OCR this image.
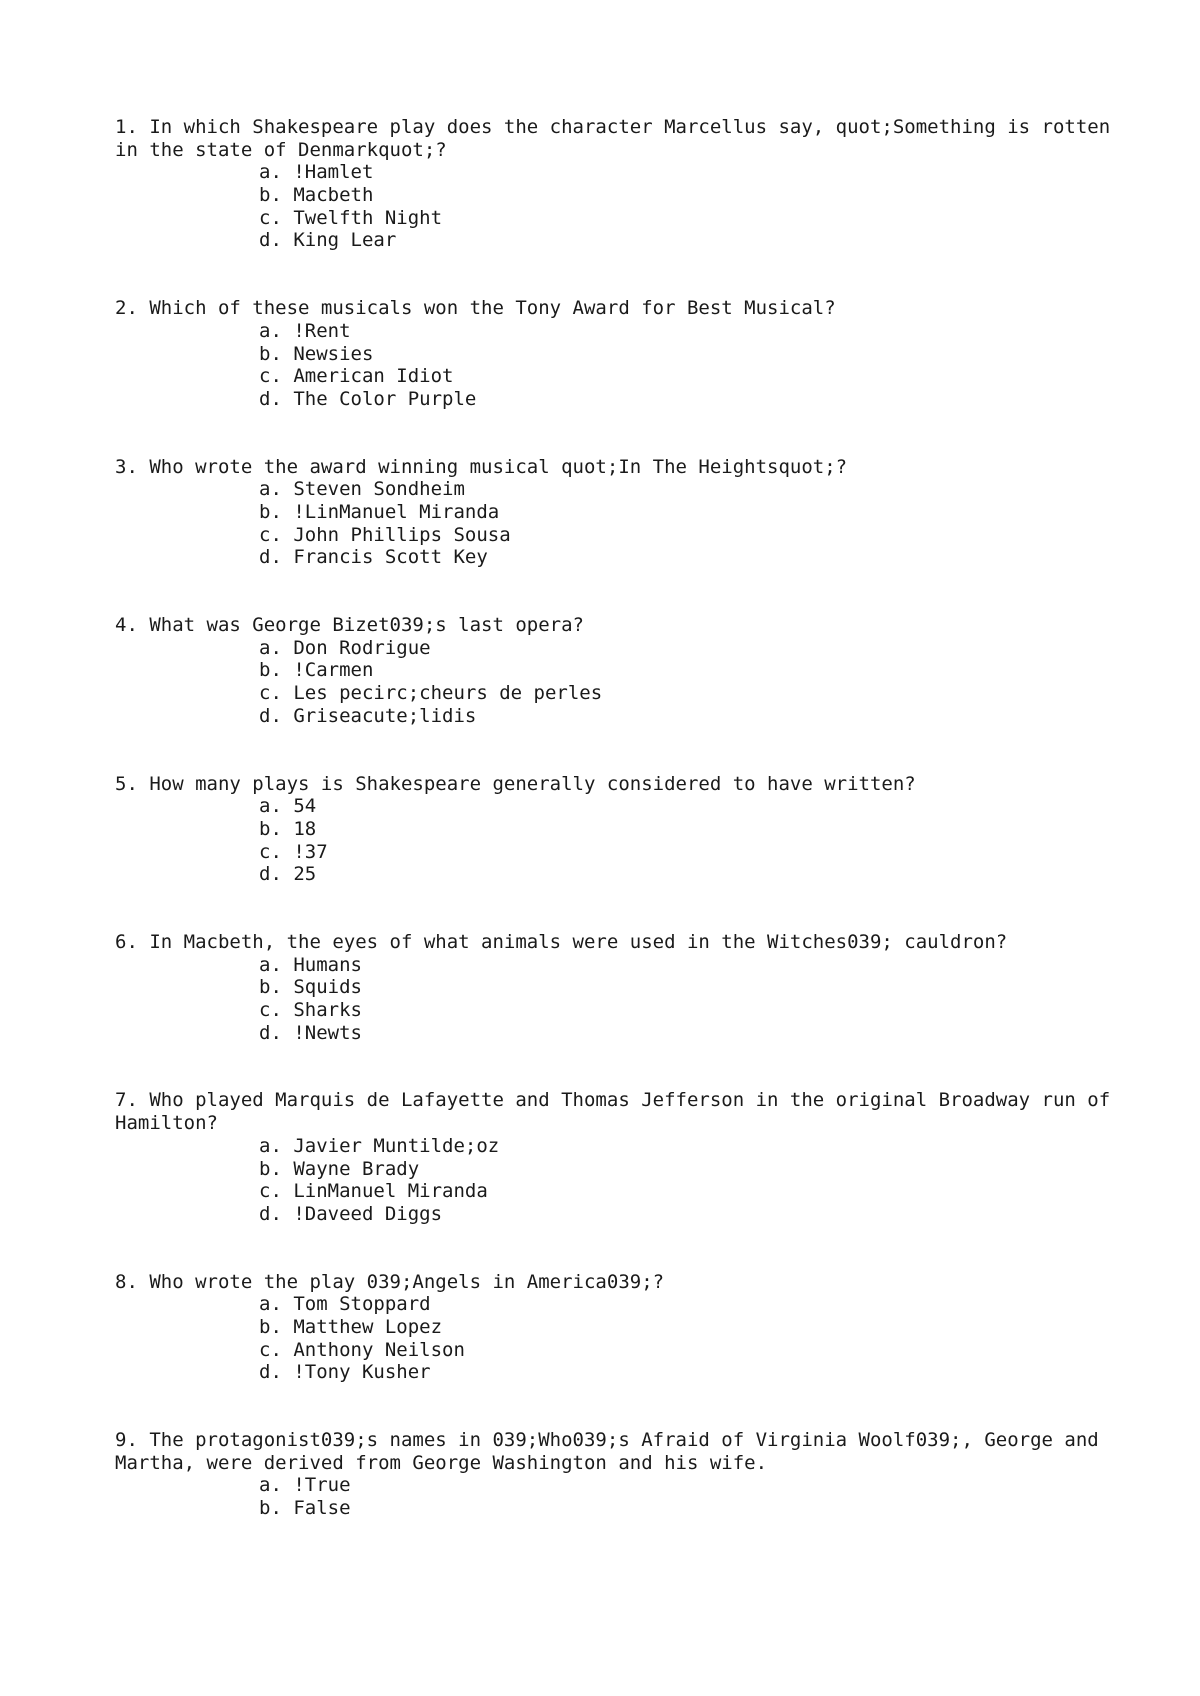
1. In which Shakespeare play does the character Marcellus say, quot;Something is rotten in the state of Denmarkquot;?
a. !Hamlet
b. Macbeth
c. Twelfth Night
d. King Lear
2. Which of these musicals won the Tony Award for Best Musical?
a. !Rent
b. Newsies
c. American Idiot
d. The Color Purple
3. Who wrote the award winning musical quot;In The Heightsquot;?
a. Steven Sondheim
b. !LinManuel Miranda
c. John Phillips Sousa
d. Francis Scott Key
4. What was George Bizet039;s last opera?
a. Don Rodrigue
b. !Carmen
c. Les pecirc;cheurs de perles
d. Griseacute;lidis
5. How many plays is Shakespeare generally considered to have written?
a. 54
b. 18
c. !37
d. 25
6. In Macbeth, the eyes of what animals were used in the Witches039; cauldron?
a. Humans
b. Squids
c. Sharks
d. !Newts
7. Who played Marquis de Lafayette and Thomas Jefferson in the original Broadway run of Hamilton?
a. Javier Muntilde;oz
b. Wayne Brady
c. LinManuel Miranda
d. !Daveed Diggs
8. Who wrote the play 039;Angels in America039;?
a. Tom Stoppard
b. Matthew Lopez
c. Anthony Neilson
d. !Tony Kusher
9. The protagonist039;s names in 039;Who039;s Afraid of Virginia Woolf039;, George and Martha, were derived from George Washington and his wife.
a. !True
b. False
